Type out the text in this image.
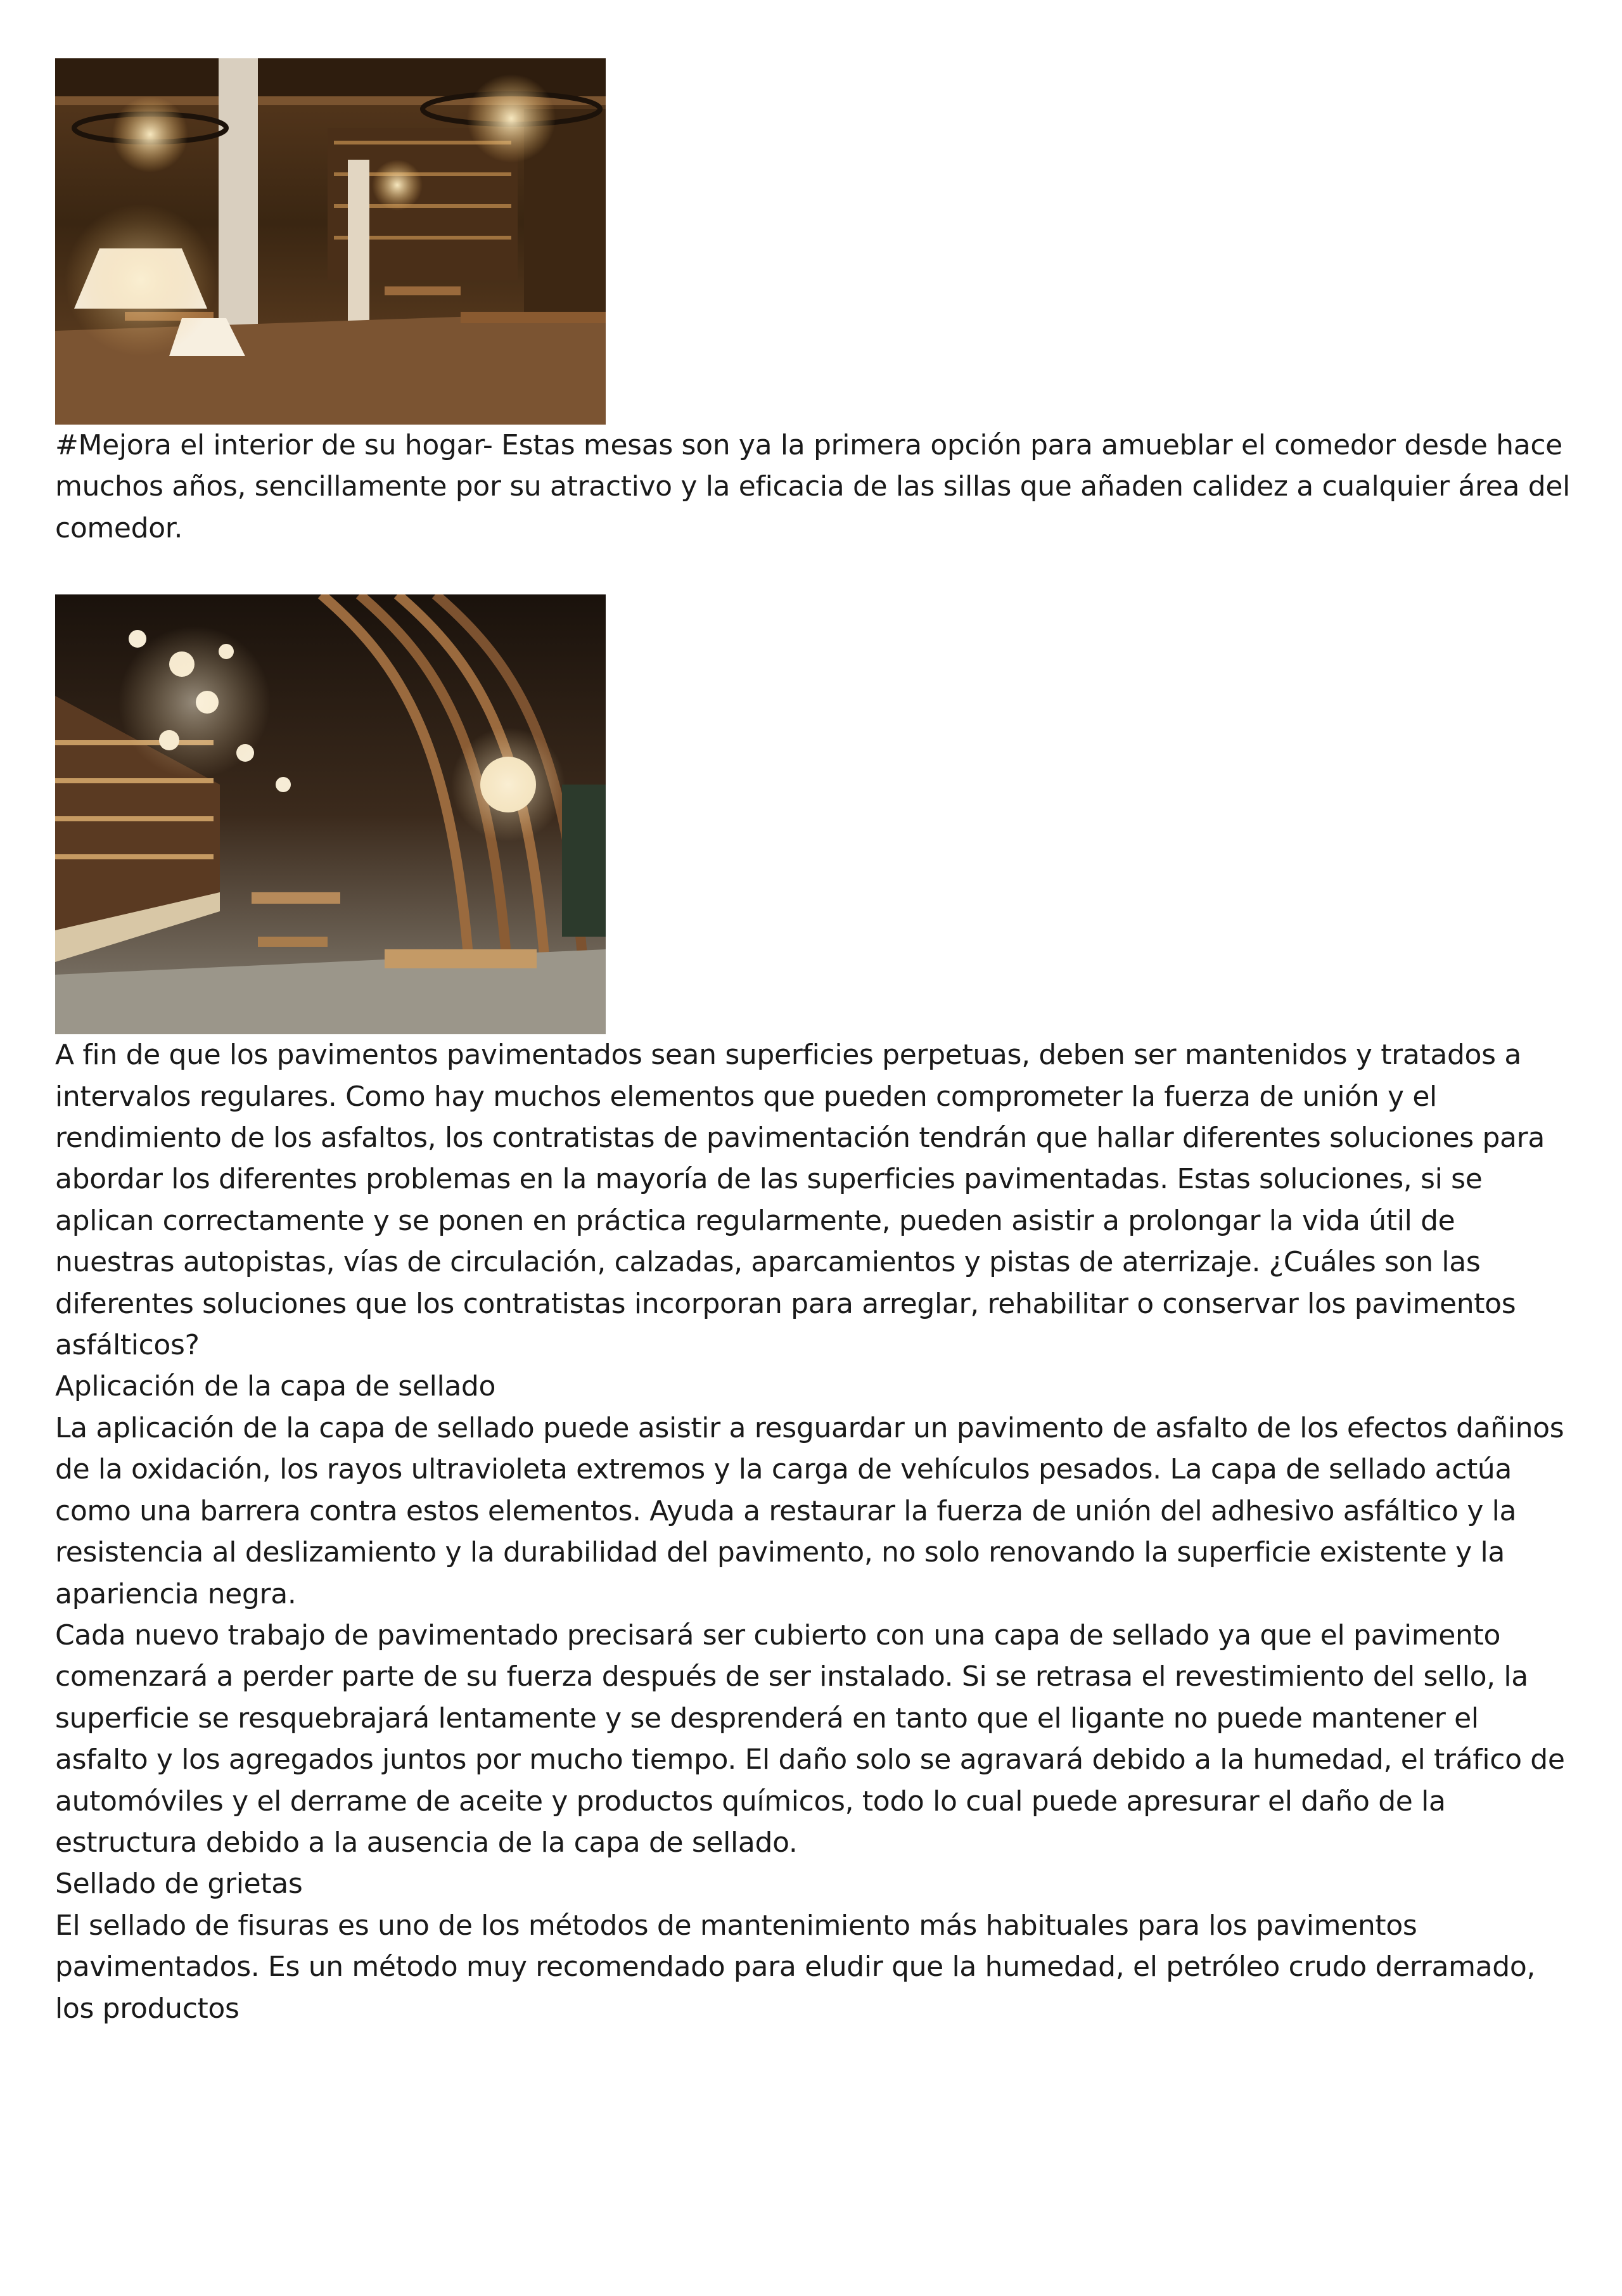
#Mejora el interior de su hogar- Estas mesas son ya la primera opción para amueblar el comedor desde hace muchos años, sencillamente por su atractivo y la eficacia de las sillas que añaden calidez a cualquier área del comedor.

A fin de que los pavimentos pavimentados sean superficies perpetuas, deben ser mantenidos y tratados a intervalos regulares. Como hay muchos elementos que pueden comprometer la fuerza de unión y el rendimiento de los asfaltos, los contratistas de pavimentación tendrán que hallar diferentes soluciones para abordar los diferentes problemas en la mayoría de las superficies pavimentadas. Estas soluciones, si se aplican correctamente y se ponen en práctica regularmente, pueden asistir a prolongar la vida útil de nuestras autopistas, vías de circulación, calzadas, aparcamientos y pistas de aterrizaje. ¿Cuáles son las diferentes soluciones que los contratistas incorporan para arreglar, rehabilitar o conservar los pavimentos asfálticos?

Aplicación de la capa de sellado

La aplicación de la capa de sellado puede asistir a resguardar un pavimento de asfalto de los efectos dañinos de la oxidación, los rayos ultravioleta extremos y la carga de vehículos pesados. La capa de sellado actúa como una barrera contra estos elementos. Ayuda a restaurar la fuerza de unión del adhesivo asfáltico y la resistencia al deslizamiento y la durabilidad del pavimento, no solo renovando la superficie existente y la apariencia negra.

Cada nuevo trabajo de pavimentado precisará ser cubierto con una capa de sellado ya que el pavimento comenzará a perder parte de su fuerza después de ser instalado. Si se retrasa el revestimiento del sello, la superficie se resquebrajará lentamente y se desprenderá en tanto que el ligante no puede mantener el asfalto y los agregados juntos por mucho tiempo. El daño solo se agravará debido a la humedad, el tráfico de automóviles y el derrame de aceite y productos químicos, todo lo cual puede apresurar el daño de la estructura debido a la ausencia de la capa de sellado.

Sellado de grietas

El sellado de fisuras es uno de los métodos de mantenimiento más habituales para los pavimentos pavimentados. Es un método muy recomendado para eludir que la humedad, el petróleo crudo derramado, los productos
